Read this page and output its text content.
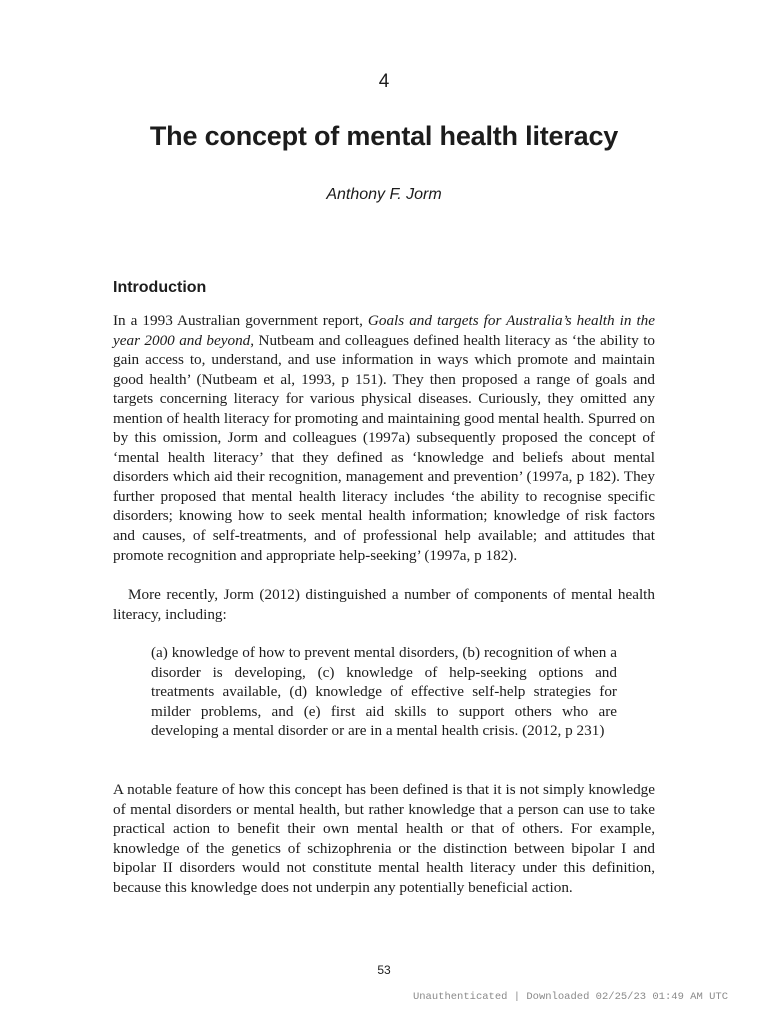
4
The concept of mental health literacy
Anthony F. Jorm
Introduction

In a 1993 Australian government report, Goals and targets for Australia’s health in the year 2000 and beyond, Nutbeam and colleagues defined health literacy as ‘the ability to gain access to, understand, and use information in ways which promote and maintain good health’ (Nutbeam et al, 1993, p 151). They then proposed a range of goals and targets concerning literacy for various physical diseases. Curiously, they omitted any mention of health literacy for promoting and maintaining good mental health. Spurred on by this omission, Jorm and colleagues (1997a) subsequently proposed the concept of ‘mental health literacy’ that they defined as ‘knowledge and beliefs about mental disorders which aid their recognition, management and prevention’ (1997a, p 182). They further proposed that mental health literacy includes ‘the ability to recognise specific disorders; knowing how to seek mental health information; knowledge of risk factors and causes, of self-treatments, and of professional help available; and attitudes that promote recognition and appropriate help-seeking’ (1997a, p 182).

More recently, Jorm (2012) distinguished a number of components of mental health literacy, including:

(a) knowledge of how to prevent mental disorders, (b) recognition of when a disorder is developing, (c) knowledge of help-seeking options and treatments available, (d) knowledge of effective self-help strategies for milder problems, and (e) first aid skills to support others who are developing a mental disorder or are in a mental health crisis. (2012, p 231)

A notable feature of how this concept has been defined is that it is not simply knowledge of mental disorders or mental health, but rather knowledge that a person can use to take practical action to benefit their own mental health or that of others. For example, knowledge of the genetics of schizophrenia or the distinction between bipolar I and bipolar II disorders would not constitute mental health literacy under this definition, because this knowledge does not underpin any potentially beneficial action.

53
Unauthenticated | Downloaded 02/25/23 01:49 AM UTC
